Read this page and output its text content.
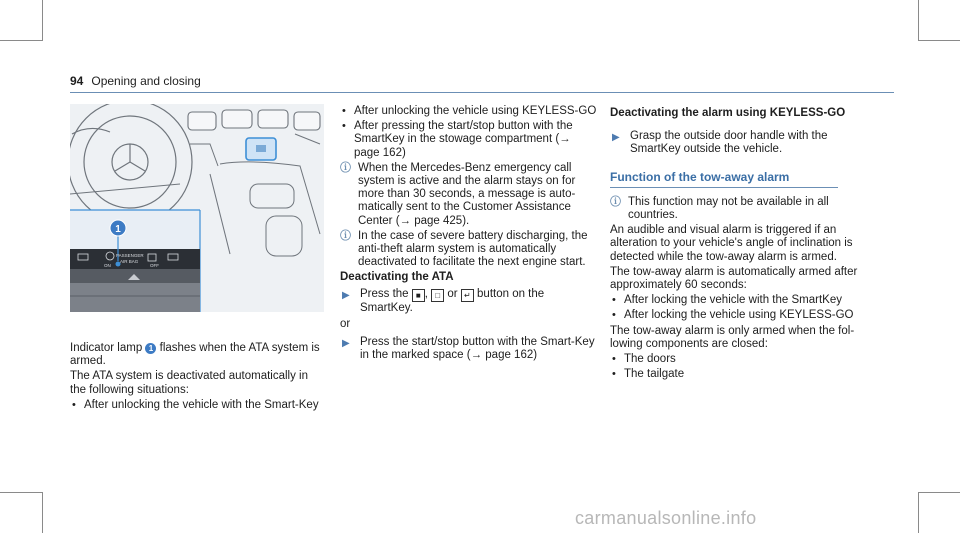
94 Opening and closing
1
ON
PASSENGER
AIR BAG
OFF

Indicator lamp 1 flashes when the ATA system is armed.

The ATA system is deactivated automatically in the following situations:

• After unlocking the vehicle with the Smart-Key
• After unlocking the vehicle using KEYLESS-GO
• After pressing the start/stop button with the SmartKey in the stowage compartment (→ page 162)
ⓘ When the Mercedes-Benz emergency call system is active and the alarm stays on for more than 30 seconds, a message is auto-matically sent to the Customer Assistance Center (→ page 425).
ⓘ In the case of severe battery discharging, the anti-theft alarm system is automatically deactivated to facilitate the next engine start.
Deactivating the ATA
▶ Press the ■ , □ or ↵ button on the SmartKey.
or
▶ Press the start/stop button with the Smart-Key in the marked space (→ page 162)
Deactivating the alarm using KEYLESS-GO
▶ Grasp the outside door handle with the SmartKey outside the vehicle.
Function of the tow-away alarm
ⓘ This function may not be available in all countries.

An audible and visual alarm is triggered if an alteration to your vehicle's angle of inclination is detected while the tow-away alarm is armed.

The tow-away alarm is automatically armed after approximately 60 seconds:

• After locking the vehicle with the SmartKey
• After locking the vehicle using KEYLESS-GO

The tow-away alarm is only armed when the fol-lowing components are closed:

• The doors
• The tailgate
carmanualsonline.info
